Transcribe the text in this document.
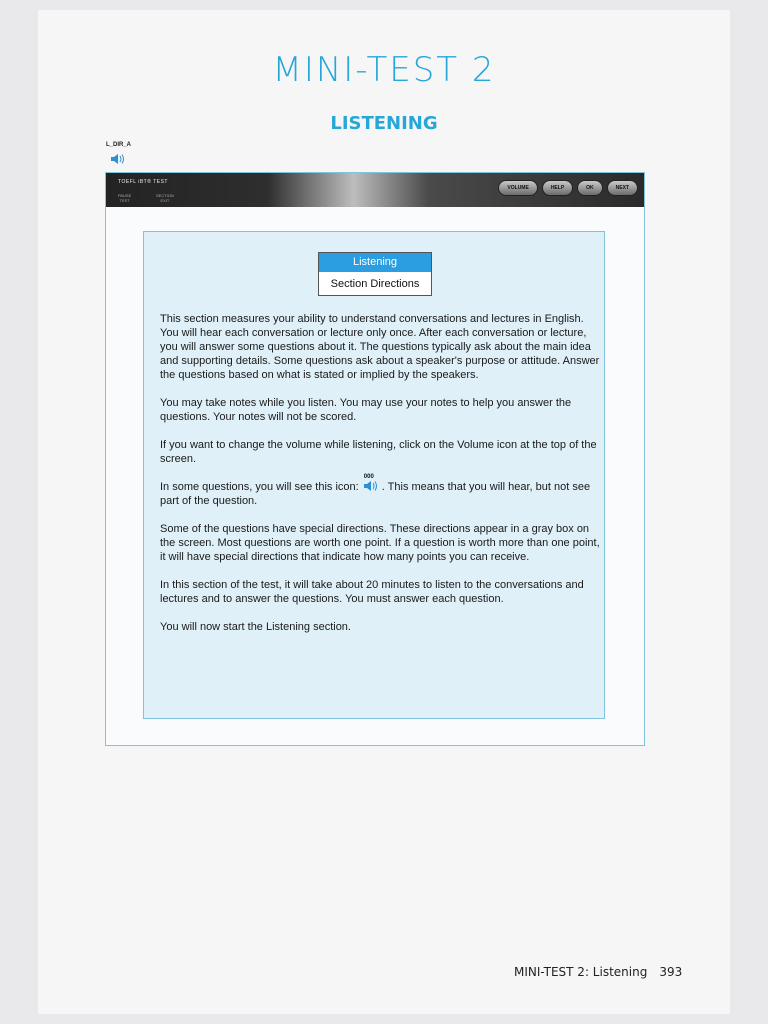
MINI-TEST 2
LISTENING
L_DIR_A
TOEFL iBT® TEST
PAUSE
TEST
SECTION
EXIT
VOLUME	HELP	OK	NEXT
Listening
Section Directions

This section measures your ability to understand conversations and lectures in English. You will hear each conversation or lecture only once. After each conversation or lecture, you will answer some questions about it. The questions typically ask about the main idea and supporting details. Some questions ask about a speaker's purpose or attitude. Answer the questions based on what is stated or implied by the speakers.

You may take notes while you listen. You may use your notes to help you answer the questions. Your notes will not be scored.

If you want to change the volume while listening, click on the Volume icon at the top of the screen.

In some questions, you will see this icon:
000
. This means that you will hear, but not see part of the question.

Some of the questions have special directions. These directions appear in a gray box on the screen. Most questions are worth one point. If a question is worth more than one point, it will have special directions that indicate how many points you can receive.

In this section of the test, it will take about 20 minutes to listen to the conversations and lectures and to answer the questions. You must answer each question.

You will now start the Listening section.

MINI-TEST 2: Listening 393
